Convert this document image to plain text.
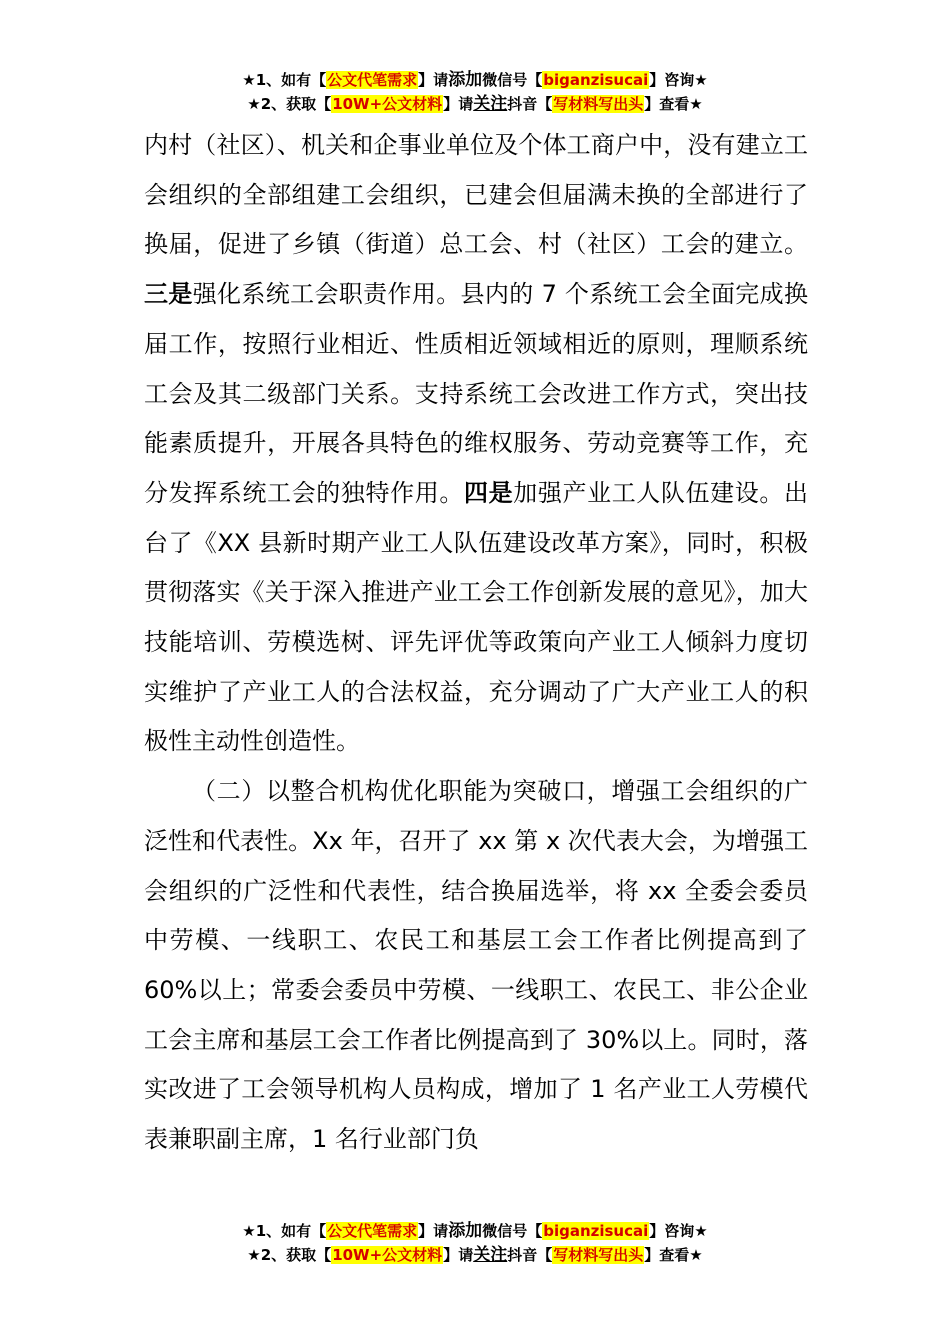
★1、如有【公文代笔需求】请添加微信号【biganzisucai】咨询★
★2、获取【10W+公文材料】请关注抖音【写材料写出头】查看★

内村（社区）、机关和企事业单位及个体工商户中，没有建立工会组织的全部组建工会组织，已建会但届满未换的全部进行了换届，促进了乡镇（街道）总工会、村（社区）工会的建立。三是强化系统工会职责作用。县内的 7 个系统工会全面完成换届工作，按照行业相近、性质相近领域相近的原则，理顺系统工会及其二级部门关系。支持系统工会改进工作方式，突出技能素质提升，开展各具特色的维权服务、劳动竞赛等工作，充分发挥系统工会的独特作用。四是加强产业工人队伍建设。出台了《XX 县新时期产业工人队伍建设改革方案》，同时，积极贯彻落实《关于深入推进产业工会工作创新发展的意见》，加大技能培训、劳模选树、评先评优等政策向产业工人倾斜力度切实维护了产业工人的合法权益，充分调动了广大产业工人的积极性主动性创造性。

（二）以整合机构优化职能为突破口，增强工会组织的广泛性和代表性。Xx 年，召开了 xx 第 x 次代表大会，为增强工会组织的广泛性和代表性，结合换届选举，将 xx 全委会委员中劳模、一线职工、农民工和基层工会工作者比例提高到了 60%以上；常委会委员中劳模、一线职工、农民工、非公企业工会主席和基层工会工作者比例提高到了 30%以上。同时，落实改进了工会领导机构人员构成，增加了 1 名产业工人劳模代表兼职副主席，1 名行业部门负

★1、如有【公文代笔需求】请添加微信号【biganzisucai】咨询★
★2、获取【10W+公文材料】请关注抖音【写材料写出头】查看★
